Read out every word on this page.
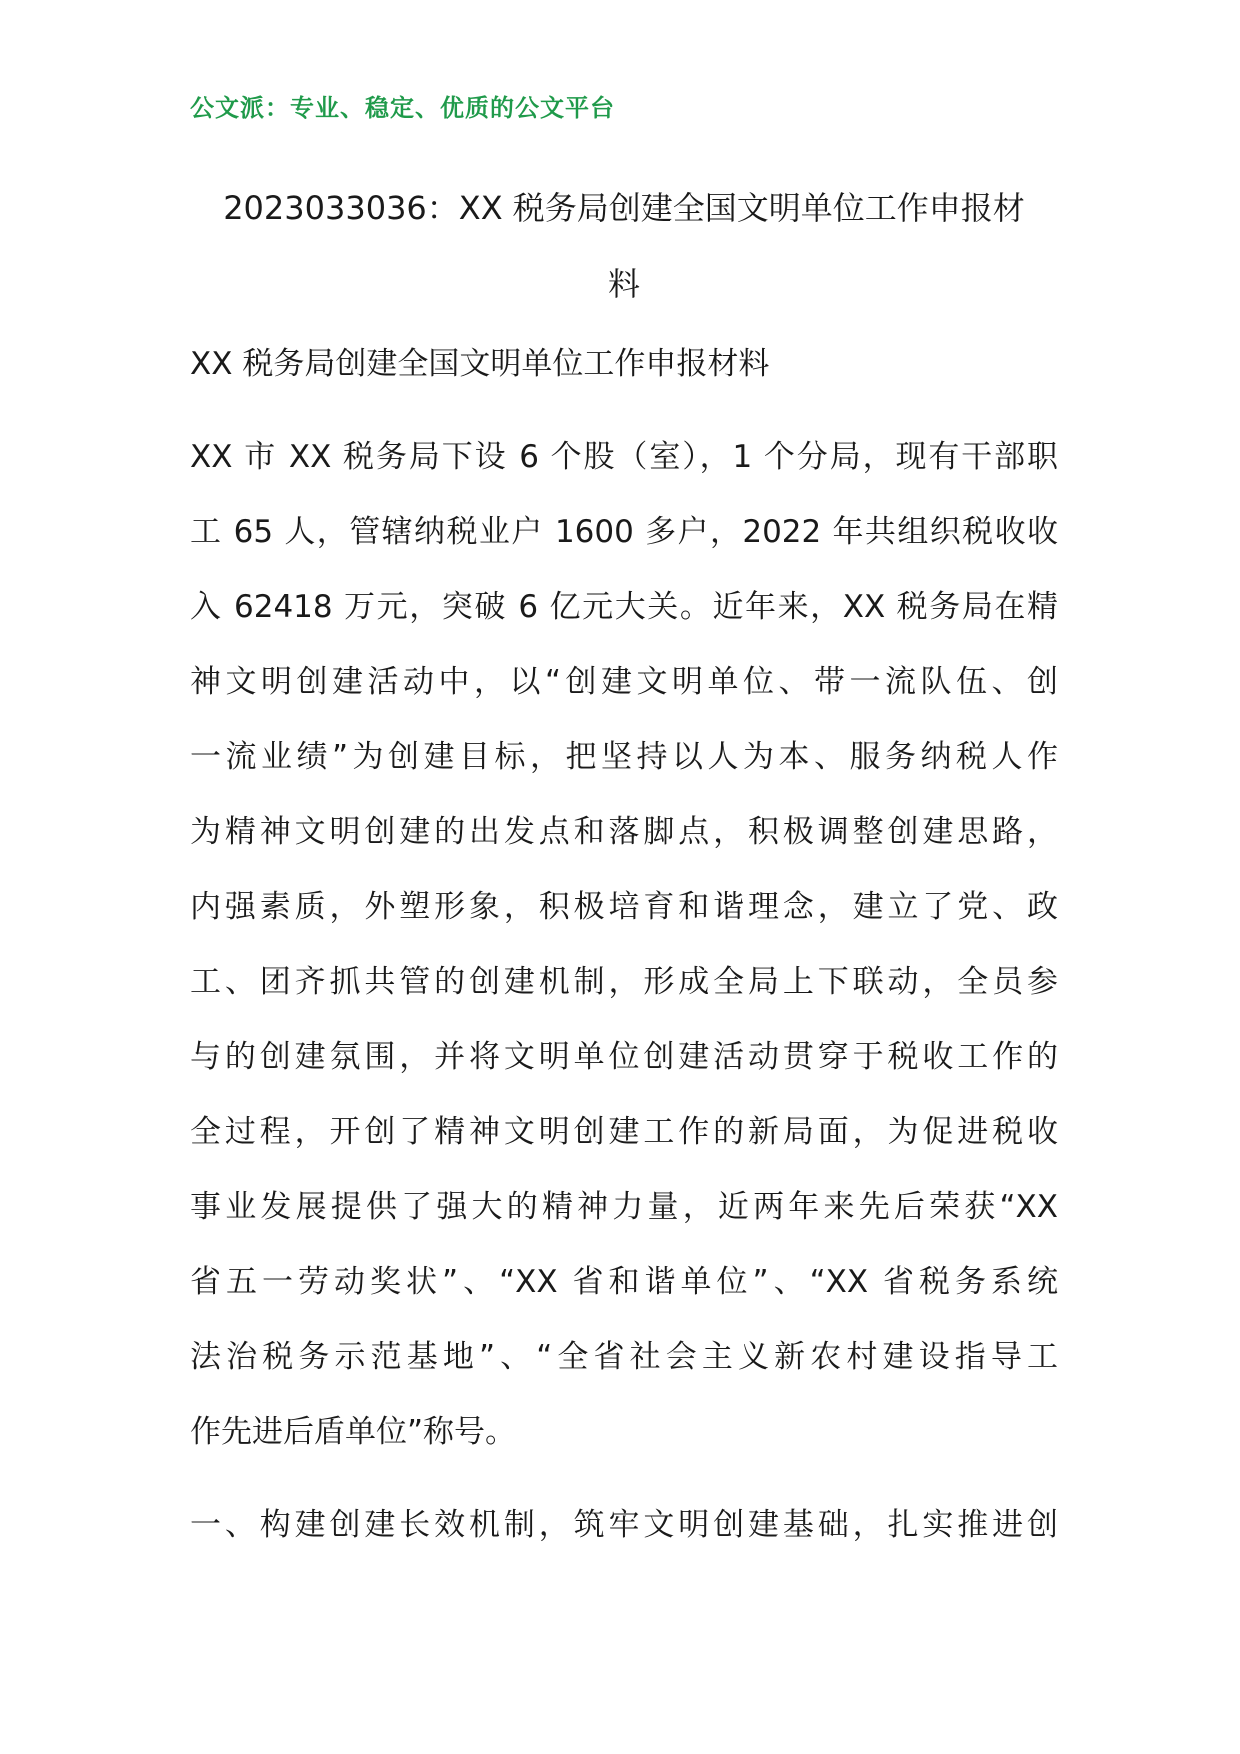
公文派：专业、稳定、优质的公文平台
2023033036：XX 税务局创建全国文明单位工作申报材
料
XX 税务局创建全国文明单位工作申报材料
XX 市 XX 税务局下设 6 个股（室），1 个分局，现有干部职
工 65 人，管辖纳税业户 1600 多户，2022 年共组织税收收
入 62418 万元，突破 6 亿元大关。近年来，XX 税务局在精
神文明创建活动中，以“创建文明单位、带一流队伍、创
一流业绩”为创建目标，把坚持以人为本、服务纳税人作
为精神文明创建的出发点和落脚点，积极调整创建思路，
内强素质，外塑形象，积极培育和谐理念，建立了党、政
工、团齐抓共管的创建机制，形成全局上下联动，全员参
与的创建氛围，并将文明单位创建活动贯穿于税收工作的
全过程，开创了精神文明创建工作的新局面，为促进税收
事业发展提供了强大的精神力量，近两年来先后荣获“XX
省五一劳动奖状”、“XX 省和谐单位”、“XX 省税务系统
法治税务示范基地”、“全省社会主义新农村建设指导工
作先进后盾单位”称号。
一、构建创建长效机制，筑牢文明创建基础，扎实推进创
